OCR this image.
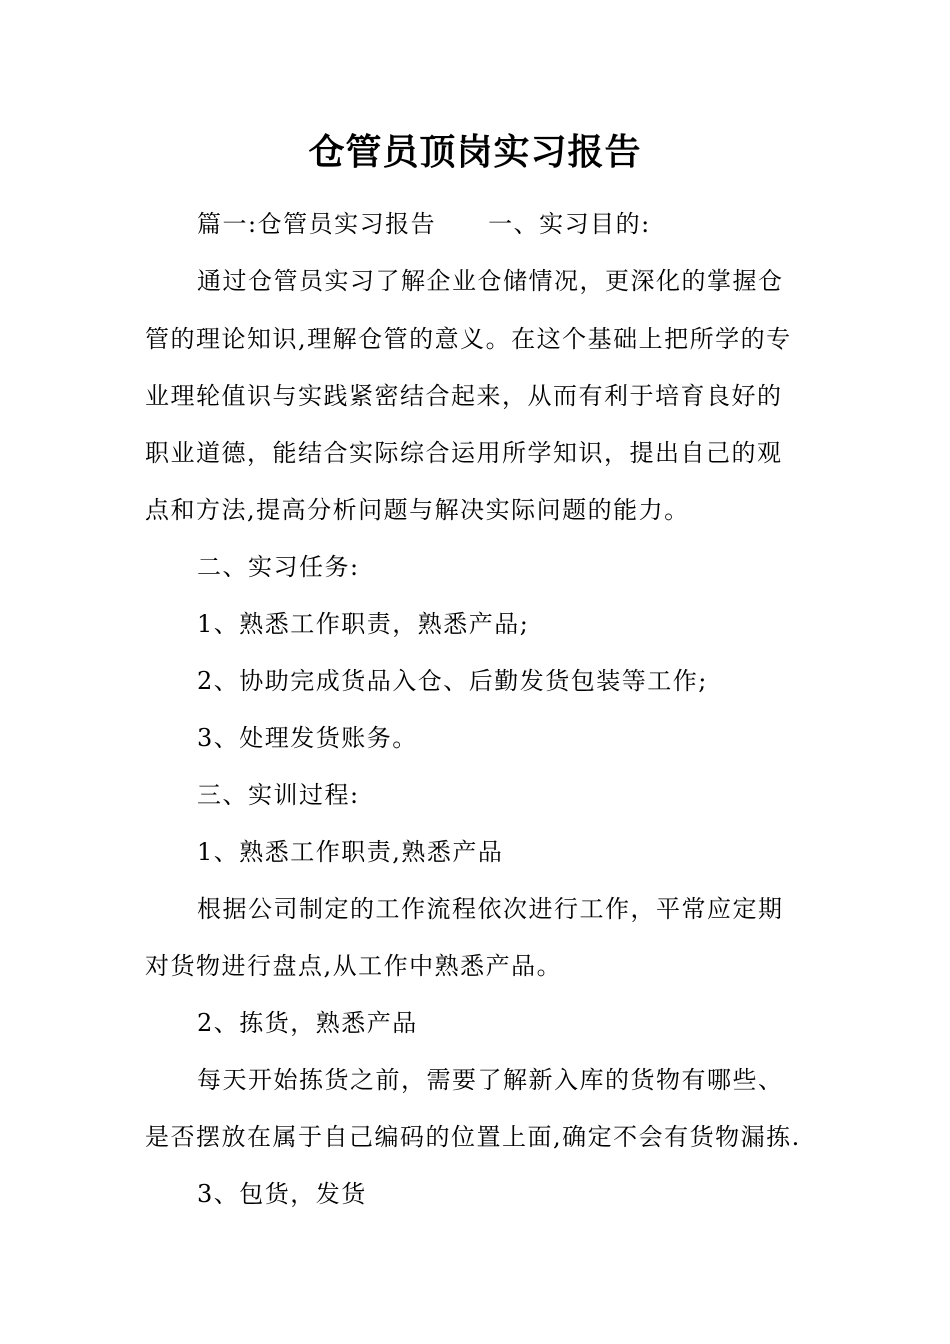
仓管员顶岗实习报告
篇一:仓管员实习报告 一、实习目的:
通过仓管员实习了解企业仓储情况，更深化的掌握仓
管的理论知识,理解仓管的意义。在这个基础上把所学的专
业理轮值识与实践紧密结合起来，从而有利于培育良好的
职业道德，能结合实际综合运用所学知识，提出自己的观
点和方法,提高分析问题与解决实际问题的能力。
二、实习任务:
1、熟悉工作职责，熟悉产品;
2、协助完成货品入仓、后勤发货包装等工作;
3、处理发货账务。
三、实训过程:
1、熟悉工作职责,熟悉产品
根据公司制定的工作流程依次进行工作，平常应定期
对货物进行盘点,从工作中熟悉产品。
2、拣货，熟悉产品
每天开始拣货之前，需要了解新入库的货物有哪些、
是否摆放在属于自己编码的位置上面,确定不会有货物漏拣.
3、包货，发货
